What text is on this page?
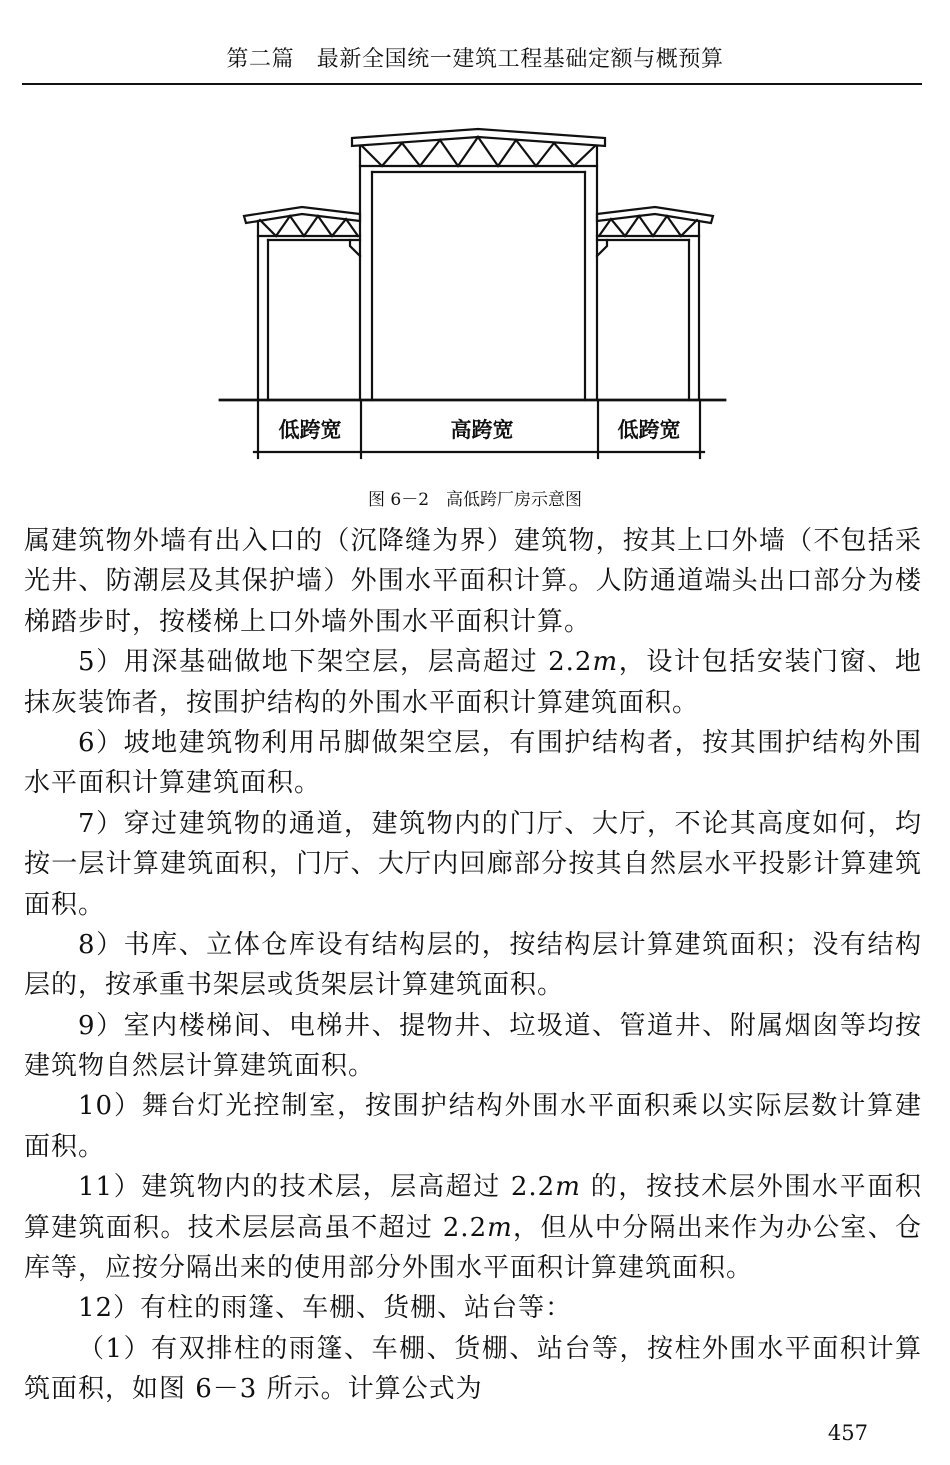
第二篇　最新全国统一建筑工程基础定额与概预算
低跨宽	高跨宽	低跨宽
图 6－2　高低跨厂房示意图
属建筑物外墙有出入口的（沉降缝为界）建筑物，按其上口外墙（不包括采
光井、防潮层及其保护墙）外围水平面积计算。人防通道端头出口部分为楼
梯踏步时，按楼梯上口外墙外围水平面积计算。
5）用深基础做地下架空层，层高超过 2.2m，设计包括安装门窗、地
抹灰装饰者，按围护结构的外围水平面积计算建筑面积。
6）坡地建筑物利用吊脚做架空层，有围护结构者，按其围护结构外围
水平面积计算建筑面积。
7）穿过建筑物的通道，建筑物内的门厅、大厅，不论其高度如何，均
按一层计算建筑面积，门厅、大厅内回廊部分按其自然层水平投影计算建筑
面积。
8）书库、立体仓库设有结构层的，按结构层计算建筑面积；没有结构
层的，按承重书架层或货架层计算建筑面积。
9）室内楼梯间、电梯井、提物井、垃圾道、管道井、附属烟囱等均按
建筑物自然层计算建筑面积。
10）舞台灯光控制室，按围护结构外围水平面积乘以实际层数计算建
面积。
11）建筑物内的技术层，层高超过 2.2m 的，按技术层外围水平面积
算建筑面积。技术层层高虽不超过 2.2m，但从中分隔出来作为办公室、仓
库等，应按分隔出来的使用部分外围水平面积计算建筑面积。
12）有柱的雨篷、车棚、货棚、站台等：
（1）有双排柱的雨篷、车棚、货棚、站台等，按柱外围水平面积计算
筑面积，如图 6－3 所示。计算公式为
457
